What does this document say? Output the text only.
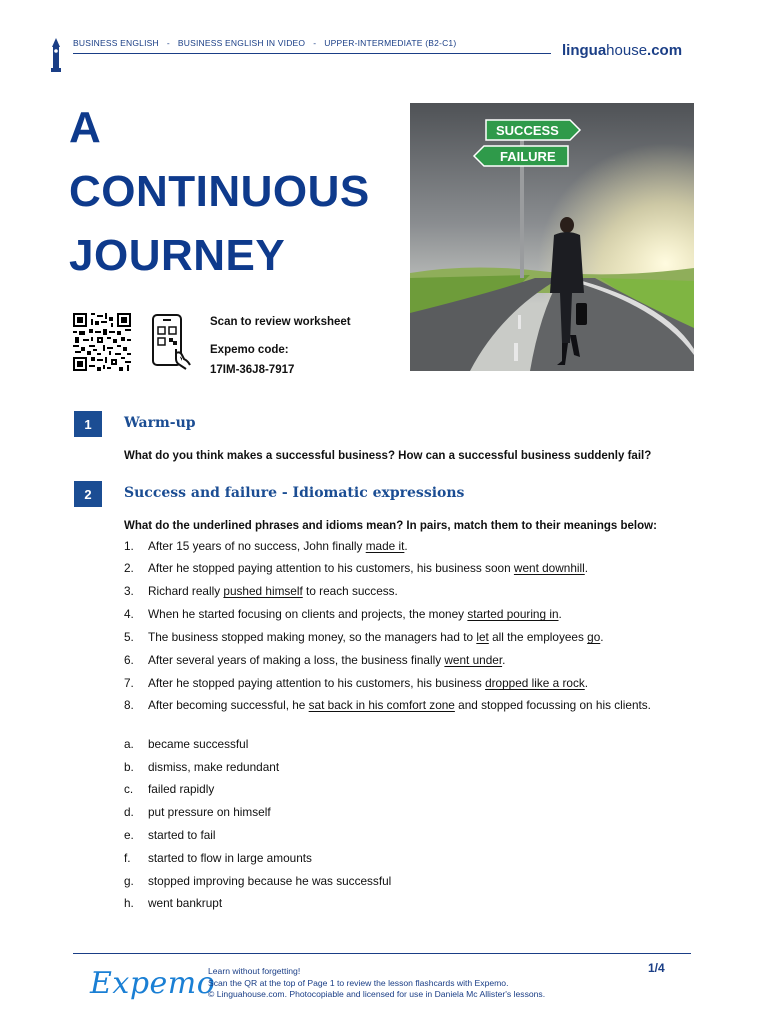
BUSINESS ENGLISH - BUSINESS ENGLISH IN VIDEO - UPPER-INTERMEDIATE (B2-C1)	linguahouse.com
A
CONTINUOUS
JOURNEY
SUCCESS
FAILURE
Scan to review worksheet
Expemo code:
17IM-36J8-7917
1	Warm-up
What do you think makes a successful business? How can a successful business suddenly fail?
2	Success and failure - Idiomatic expressions
What do the underlined phrases and idioms mean? In pairs, match them to their meanings below:
1.	After 15 years of no success, John finally made it.
2.	After he stopped paying attention to his customers, his business soon went downhill.
3.	Richard really pushed himself to reach success.
4.	When he started focusing on clients and projects, the money started pouring in.
5.	The business stopped making money, so the managers had to let all the employees go.
6.	After several years of making a loss, the business finally went under.
7.	After he stopped paying attention to his customers, his business dropped like a rock.
8.	After becoming successful, he sat back in his comfort zone and stopped focussing on his clients.
a.	became successful
b.	dismiss, make redundant
c.	failed rapidly
d.	put pressure on himself
e.	started to fail
f.	started to flow in large amounts
g.	stopped improving because he was successful
h.	went bankrupt
Expemo
Learn without forgetting!
Scan the QR at the top of Page 1 to review the lesson flashcards with Expemo.
© Linguahouse.com. Photocopiable and licensed for use in Daniela Mc Allister's lessons.
1/4
